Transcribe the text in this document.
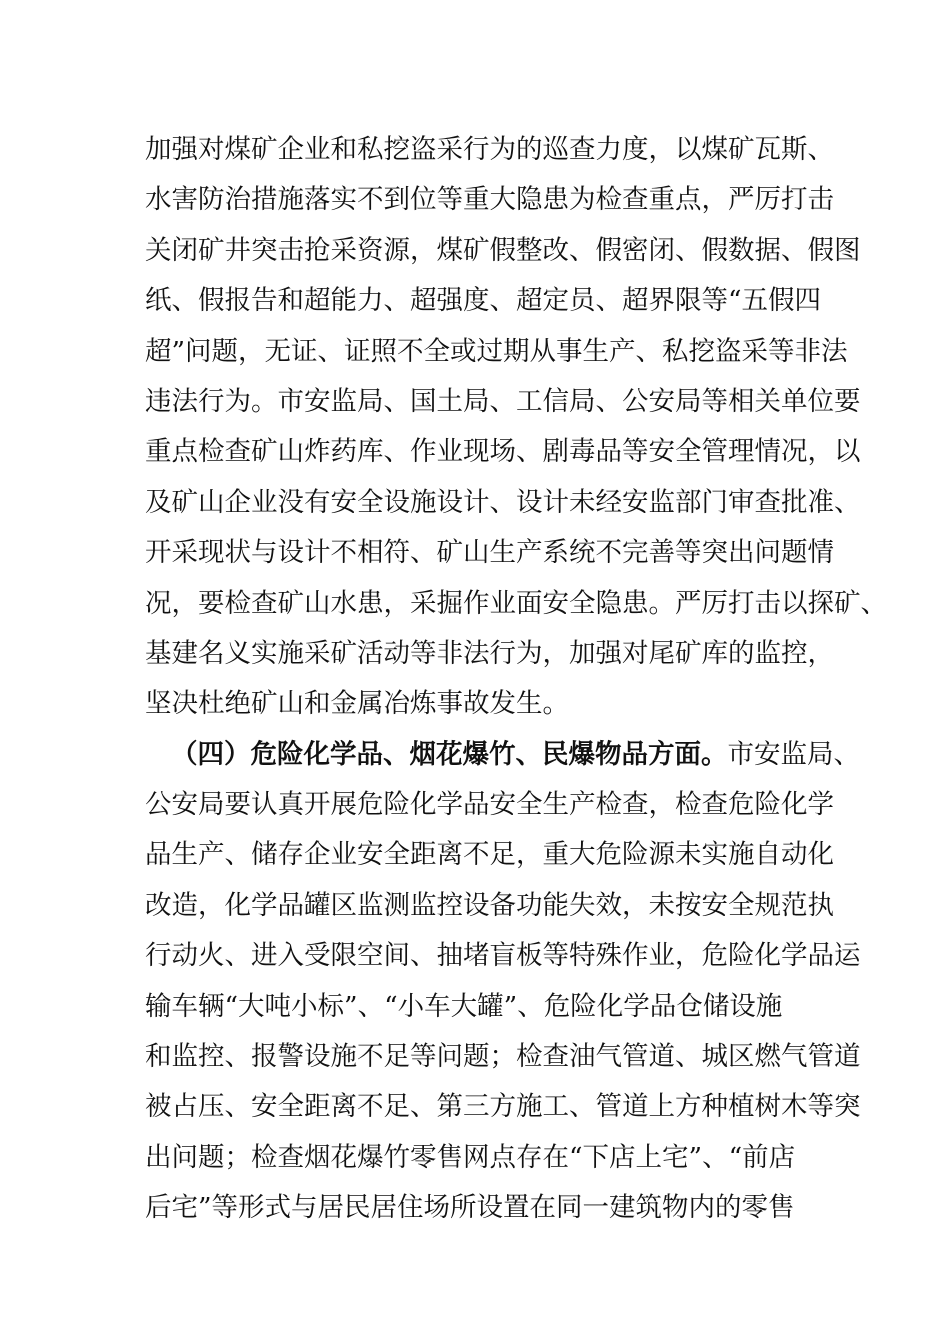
加强对煤矿企业和私挖盗采行为的巡查力度，以煤矿瓦斯、
水害防治措施落实不到位等重大隐患为检查重点，严厉打击
关闭矿井突击抢采资源，煤矿假整改、假密闭、假数据、假图
纸、假报告和超能力、超强度、超定员、超界限等“五假四
超”问题，无证、证照不全或过期从事生产、私挖盗采等非法
违法行为。市安监局、国土局、工信局、公安局等相关单位要
重点检查矿山炸药库、作业现场、剧毒品等安全管理情况，以
及矿山企业没有安全设施设计、设计未经安监部门审查批准、
开采现状与设计不相符、矿山生产系统不完善等突出问题情
况，要检查矿山水患，采掘作业面安全隐患。严厉打击以探矿、
基建名义实施采矿活动等非法行为，加强对尾矿库的监控，
坚决杜绝矿山和金属冶炼事故发生。
（四）危险化学品、烟花爆竹、民爆物品方面。市安监局、
公安局要认真开展危险化学品安全生产检查，检查危险化学
品生产、储存企业安全距离不足，重大危险源未实施自动化
改造，化学品罐区监测监控设备功能失效，未按安全规范执
行动火、进入受限空间、抽堵盲板等特殊作业，危险化学品运
输车辆“大吨小标”、“小车大罐”、危险化学品仓储设施
和监控、报警设施不足等问题；检查油气管道、城区燃气管道
被占压、安全距离不足、第三方施工、管道上方种植树木等突
出问题；检查烟花爆竹零售网点存在“下店上宅”、“前店
后宅”等形式与居民居住场所设置在同一建筑物内的零售
